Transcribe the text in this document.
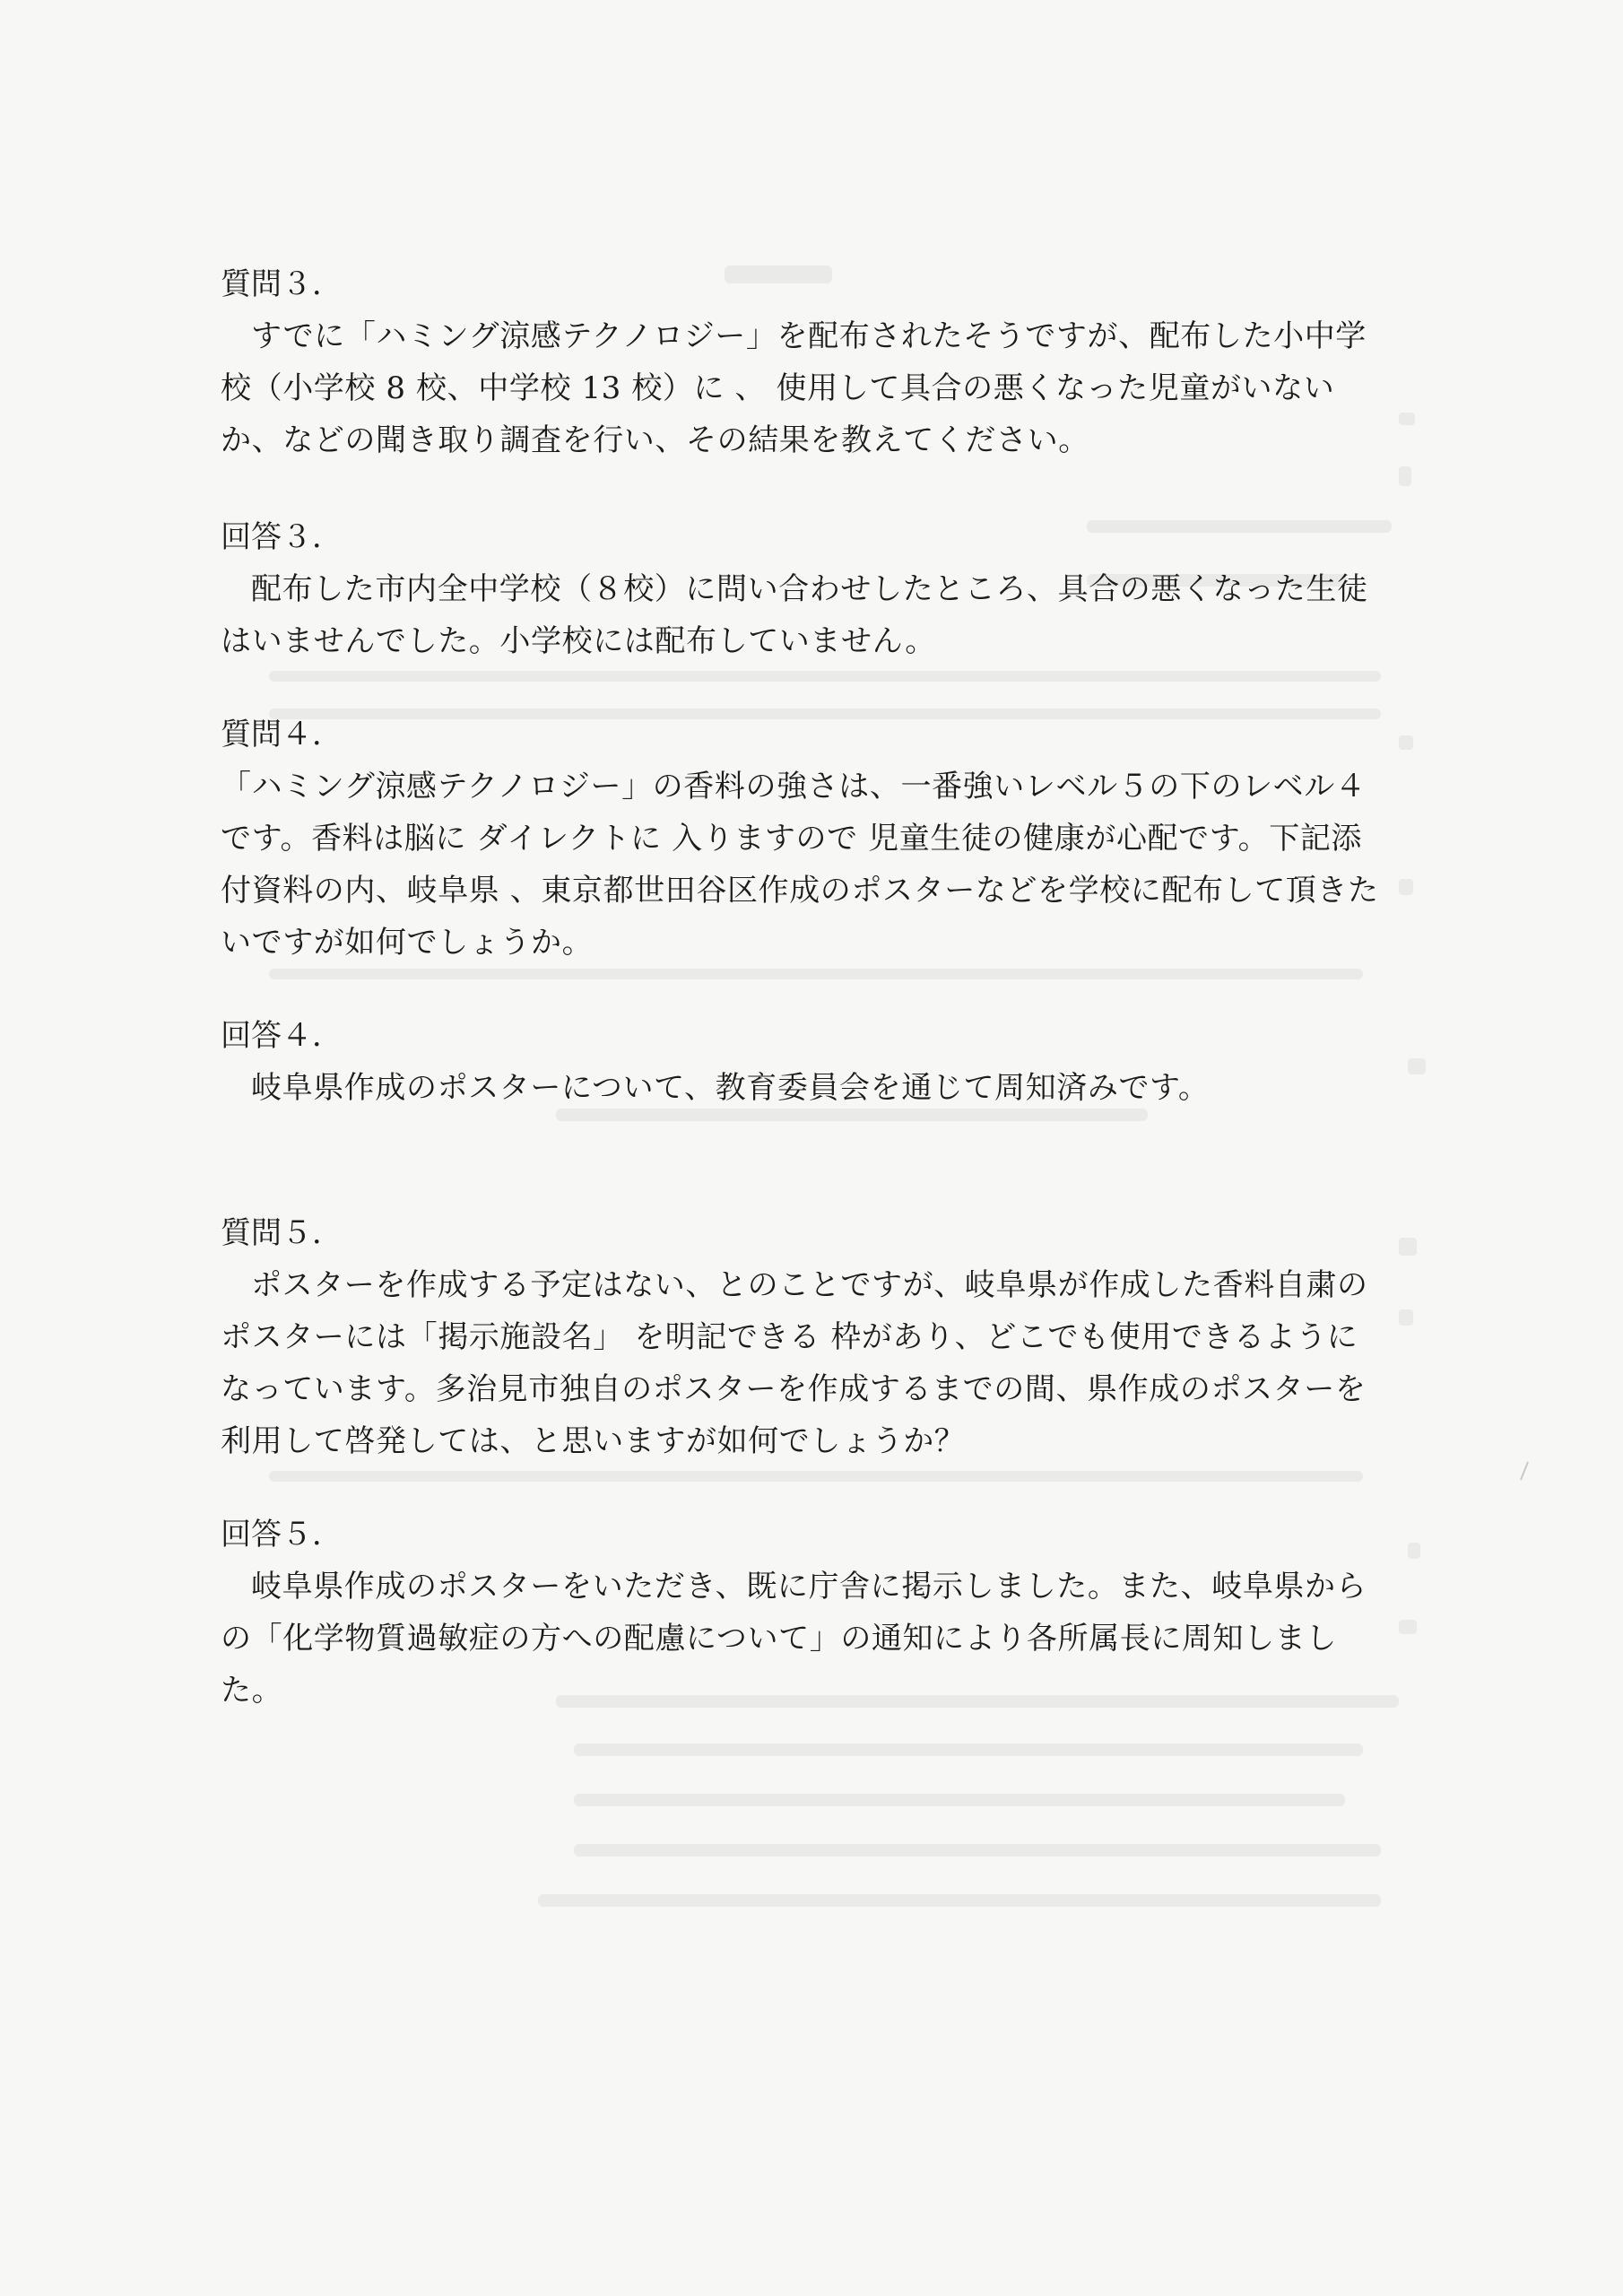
質問３．

すでに「ハミング涼感テクノロジー」を配布されたそうですが、配布した小中学校（小学校 8 校、中学校 13 校）に 、 使用して具合の悪くなった児童がいないか、などの聞き取り調査を行い、その結果を教えてください。

回答３．

配布した市内全中学校（８校）に問い合わせしたところ、具合の悪くなった生徒はいませんでした。小学校には配布していません。

質問４．

「ハミング涼感テクノロジー」の香料の強さは、一番強いレベル５の下のレベル４です。香料は脳に ダイレクトに 入りますので 児童生徒の健康が心配です。下記添付資料の内、岐阜県 、東京都世田谷区作成のポスターなどを学校に配布して頂きたいですが如何でしょうか。

回答４．

岐阜県作成のポスターについて、教育委員会を通じて周知済みです。

質問５．

ポスターを作成する予定はない、とのことですが、岐阜県が作成した香料自粛のポスターには「掲示施設名」 を明記できる 枠があり、どこでも使用できるようになっています。多治見市独自のポスターを作成するまでの間、県作成のポスターを利用して啓発しては、と思いますが如何でしょうか？

回答５．

岐阜県作成のポスターをいただき、既に庁舎に掲示しました。また、岐阜県からの「化学物質過敏症の方への配慮について」の通知により各所属長に周知しました。
